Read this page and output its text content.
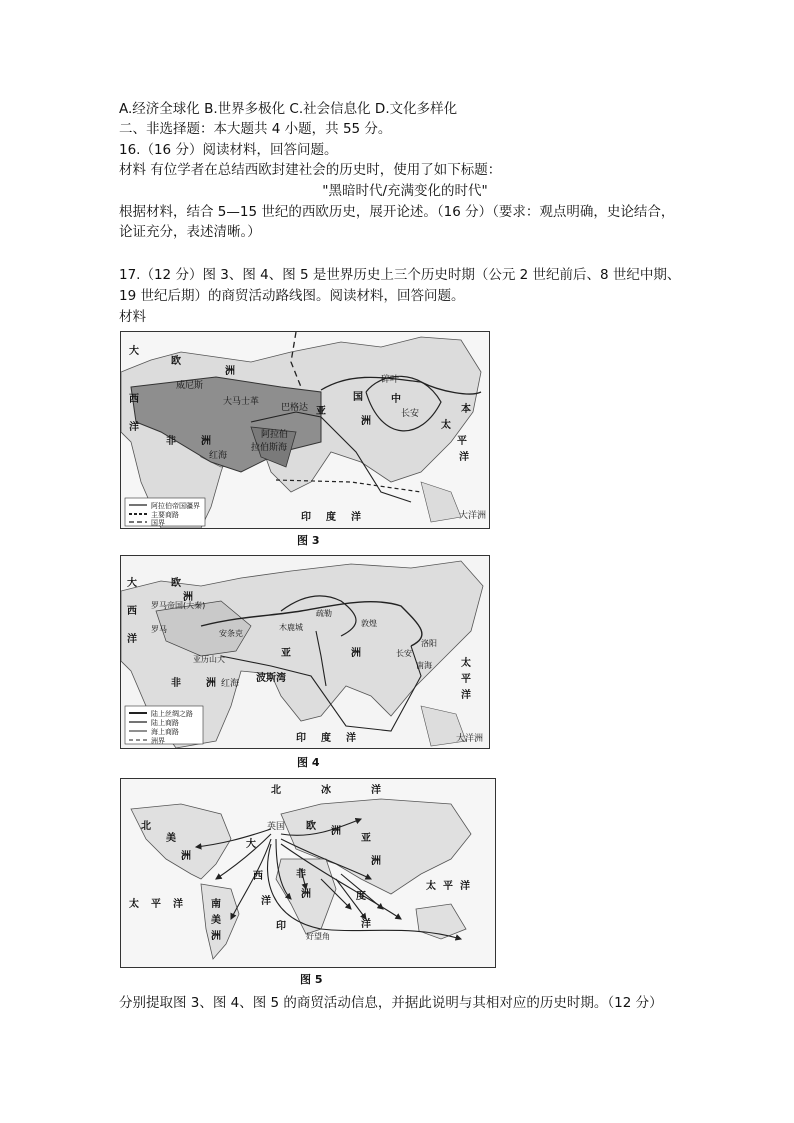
A.经济全球化 B.世界多极化 C.社会信息化 D.文化多样化
二、非选择题：本大题共 4 小题，共 55 分。
16.（16 分）阅读材料，回答问题。
材料 有位学者在总结西欧封建社会的历史时，使用了如下标题：
"黑暗时代/充满变化的时代"
根据材料，结合 5—15 世纪的西欧历史，展开论述。（16 分）（要求：观点明确，史论结合，
论证充分，表述清晰。）
17.（12 分）图 3、图 4、图 5 是世界历史上三个历史时期（公元 2 世纪前后、8 世纪中期、
19 世纪后期）的商贸活动路线图。阅读材料，回答问题。
材料
大
欧
洲
西
洋
非	洲
红海
亚
洲
中
国
本
太
平
洋
印 度 洋	大洋洲
碎叶
长安
威尼斯
巴格达
大马士革
阿拉伯
拉伯斯海
阿拉伯帝国疆界
主要商路
国界
图 3
大
西
洋
欧
洲
非	洲 红海 波斯湾
亚	洲
太
平
洋
印 度 洋	大洋洲
罗马帝国(大秦)
罗马	安条克
亚历山大
木鹿城
疏勒
敦煌
长安
洛阳
南海
陆上丝绸之路
陆上商路
海上商路
洲界
图 4
北	冰	洋
北
美
洲
大
西
洋
英国 欧 洲
亚
洲
非
洲
太 平 洋
太 平 洋
南
美
洲
印
度
洋
好望角
图 5
分别提取图 3、图 4、图 5 的商贸活动信息，并据此说明与其相对应的历史时期。（12 分）
